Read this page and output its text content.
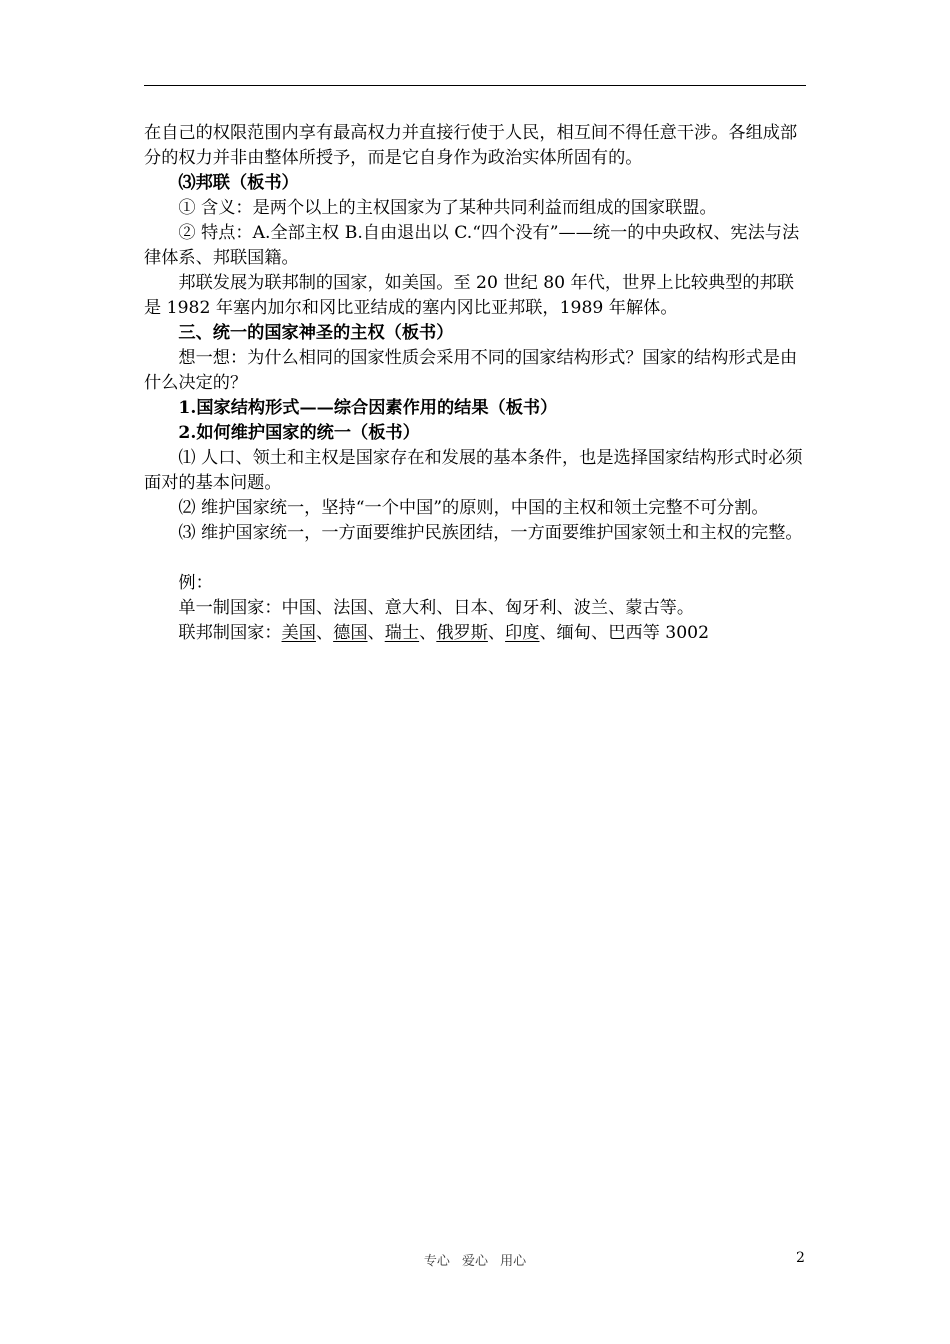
在自己的权限范围内享有最高权力并直接行使于人民，相互间不得任意干涉。各组成部分的权力并非由整体所授予，而是它自身作为政治实体所固有的。

⑶邦联（板书）

① 含义：是两个以上的主权国家为了某种共同利益而组成的国家联盟。

② 特点：A.全部主权 B.自由退出以 C.“四个没有”——统一的中央政权、宪法与法律体系、邦联国籍。

邦联发展为联邦制的国家，如美国。至 20 世纪 80 年代，世界上比较典型的邦联是 1982 年塞内加尔和冈比亚结成的塞内冈比亚邦联，1989 年解体。

三、统一的国家神圣的主权（板书）

想一想：为什么相同的国家性质会采用不同的国家结构形式？国家的结构形式是由什么决定的？

1.国家结构形式——综合因素作用的结果（板书）

2.如何维护国家的统一（板书）

⑴ 人口、领土和主权是国家存在和发展的基本条件，也是选择国家结构形式时必须面对的基本问题。

⑵ 维护国家统一，坚持“一个中国”的原则，中国的主权和领土完整不可分割。

⑶ 维护国家统一，一方面要维护民族团结，一方面要维护国家领土和主权的完整。

例：

单一制国家：中国、法国、意大利、日本、匈牙利、波兰、蒙古等。

联邦制国家：美国、德国、瑞士、俄罗斯、印度、缅甸、巴西等 3002

专心 爱心 用心	2
